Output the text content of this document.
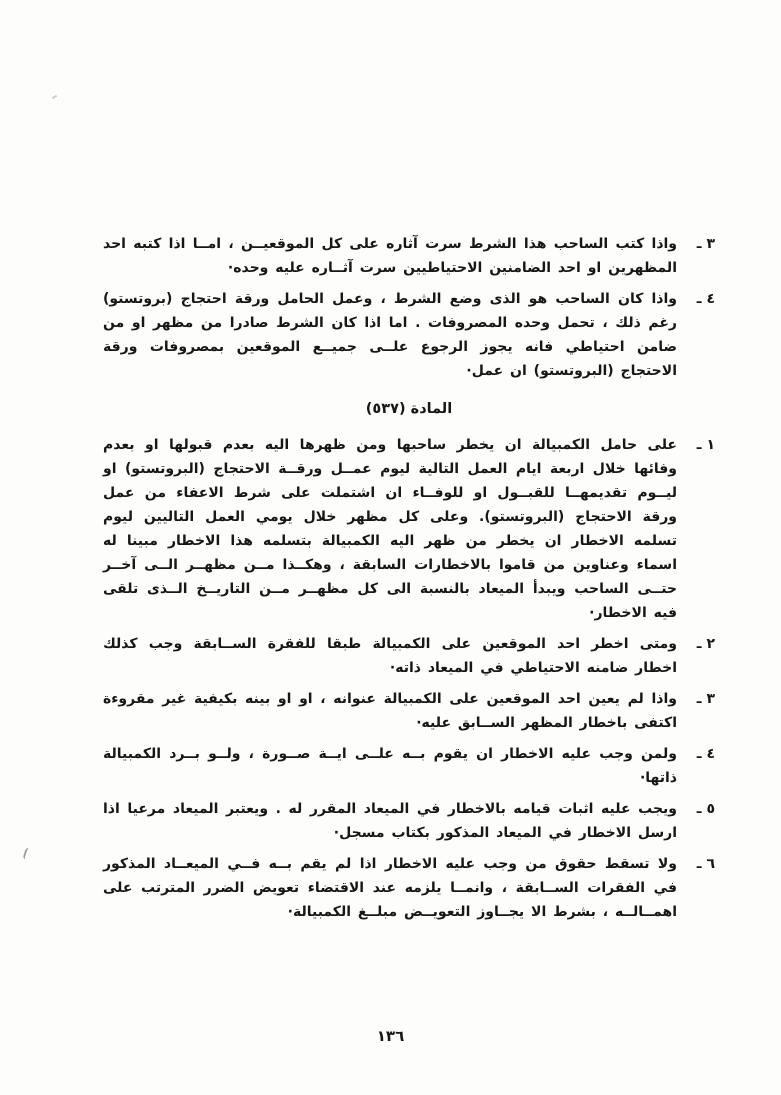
٣ ـ

واذا كتب الساحب هذا الشرط سرت آثاره على كل الموقعيــن ، امــا اذا كتبه احد المظهرين او احد الضامنين الاحتياطيين سرت آثــاره عليه وحده·

٤ ـ

واذا كان الساحب هو الذى وضع الشرط ، وعمل الحامل ورقة احتجاج (بروتستو) رغم ذلك ، تحمل وحده المصروفات . اما اذا كان الشرط صادرا من مظهر او من ضامن احتياطي فانه يجوز الرجوع علــى جميــع الموقعين بمصروفات ورقة الاحتجاج (البروتستو) ان عمل·

المادة (٥٣٧)
١ ـ

على حامل الكمبيالة ان يخطر ساحبها ومن ظهرها اليه بعدم قبولها او بعدم وفائها خلال اربعة ايام العمل التالية ليوم عمــل ورقــة الاحتجاج (البروتستو) او ليــوم تقديمهــا للقبــول او للوفــاء ان اشتملت على شرط الاعفاء من عمل ورقة الاحتجاج (البروتستو). وعلى كل مظهر خلال يومي العمل التاليين ليوم تسلمه الاخطار ان يخطر من ظهر اليه الكمبيالة بتسلمه هذا الاخطار مبينا له اسماء وعناوين من قاموا بالاخطارات السابقة ، وهكــذا مــن مظهــر الــى آخــر حتــى الساحب ويبدأ الميعاد بالنسبة الى كل مظهــر مــن التاريــخ الــذى تلقى فيه الاخطار·

٢ ـ

ومتى اخطر احد الموقعين على الكمبيالة طبقا للفقرة الســابقة وجب كذلك اخطار ضامنه الاحتياطي في الميعاد ذاته·

٣ ـ

واذا لم يعين احد الموقعين على الكمبيالة عنوانه ، او او بينه بكيفية غير مقروءة اكتفى باخطار المظهر الســابق عليه·

٤ ـ

ولمن وجب عليه الاخطار ان يقوم بــه علــى ايــة صــورة ، ولــو بــرد الكمبيالة ذاتها·

٥ ـ

ويجب عليه اثبات قيامه بالاخطار في الميعاد المقرر له . ويعتبر الميعاد مرعيا اذا ارسل الاخطار في الميعاد المذكور بكتاب مسجل·

٦ ـ

ولا تسقط حقوق من وجب عليه الاخطار اذا لم يقم بــه فــي الميعــاد المذكور في الفقرات الســابقة ، وانمــا يلزمه عند الاقتضاء تعويض الضرر المترتب على اهمــالــه ، بشرط الا يجــاوز التعويــض مبلــغ الكمبيالة·

١٣٦
